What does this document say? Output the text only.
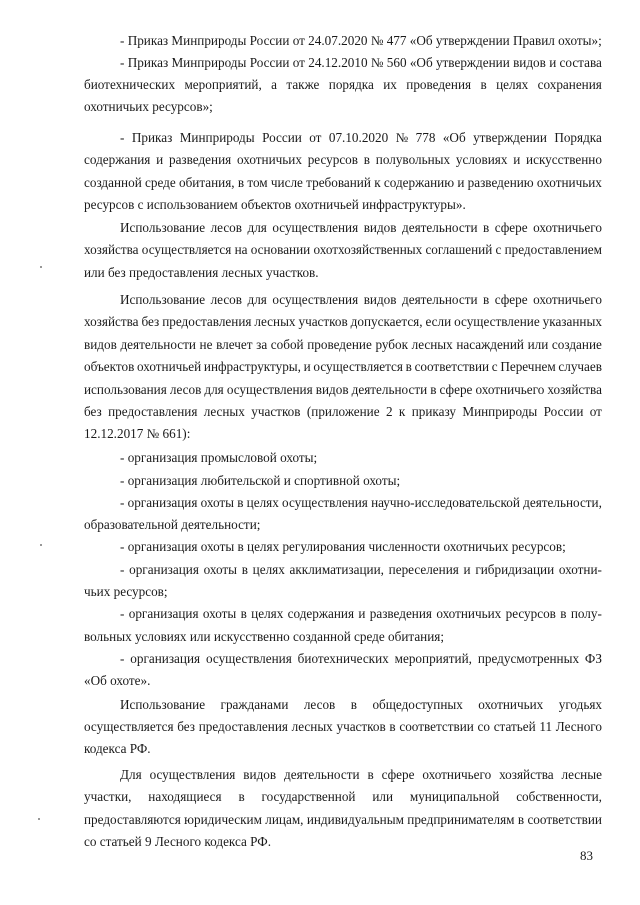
- Приказ Минприроды России от 24.07.2020 № 477 «Об утверждении Правил охоты»;
- Приказ Минприроды России от 24.12.2010 № 560 «Об утверждении видов и состава
биотехнических мероприятий, а также порядка их проведения в целях сохранения
охотничьих ресурсов»;
- Приказ Минприроды России от 07.10.2020 № 778 «Об утверждении Порядка
содержания и разведения охотничьих ресурсов в полувольных условиях и искусственно
созданной среде обитания, в том числе требований к содержанию и разведению охотничьих
ресурсов с использованием объектов охотничьей инфраструктуры».
Использование лесов для осуществления видов деятельности в сфере охотничьего
хозяйства осуществляется на основании охотхозяйственных соглашений с предоставлением
или без предоставления лесных участков.
Использование лесов для осуществления видов деятельности в сфере охотничьего
хозяйства без предоставления лесных участков допускается, если осуществление указанных
видов деятельности не влечет за собой проведение рубок лесных насаждений или создание
объектов охотничьей инфраструктуры, и осуществляется в соответствии с Перечнем случаев
использования лесов для осуществления видов деятельности в сфере охотничьего хозяйства
без предоставления лесных участков (приложение 2 к приказу Минприроды России от
12.12.2017 № 661):
- организация промысловой охоты;
- организация любительской и спортивной охоты;
- организация охоты в целях осуществления научно-исследовательской деятельности,
образовательной деятельности;
- организация охоты в целях регулирования численности охотничьих ресурсов;
- организация охоты в целях акклиматизации, переселения и гибридизации охотни-
чьих ресурсов;
- организация охоты в целях содержания и разведения охотничьих ресурсов в полу-
вольных условиях или искусственно созданной среде обитания;
- организация осуществления биотехнических мероприятий, предусмотренных ФЗ
«Об охоте».
Использование гражданами лесов в общедоступных охотничьих угодьях
осуществляется без предоставления лесных участков в соответствии со статьей 11 Лесного
кодекса РФ.
Для осуществления видов деятельности в сфере охотничьего хозяйства лесные
участки, находящиеся в государственной или муниципальной собственности,
предоставляются юридическим лицам, индивидуальным предпринимателям в соответствии
со статьей 9 Лесного кодекса РФ.
83
